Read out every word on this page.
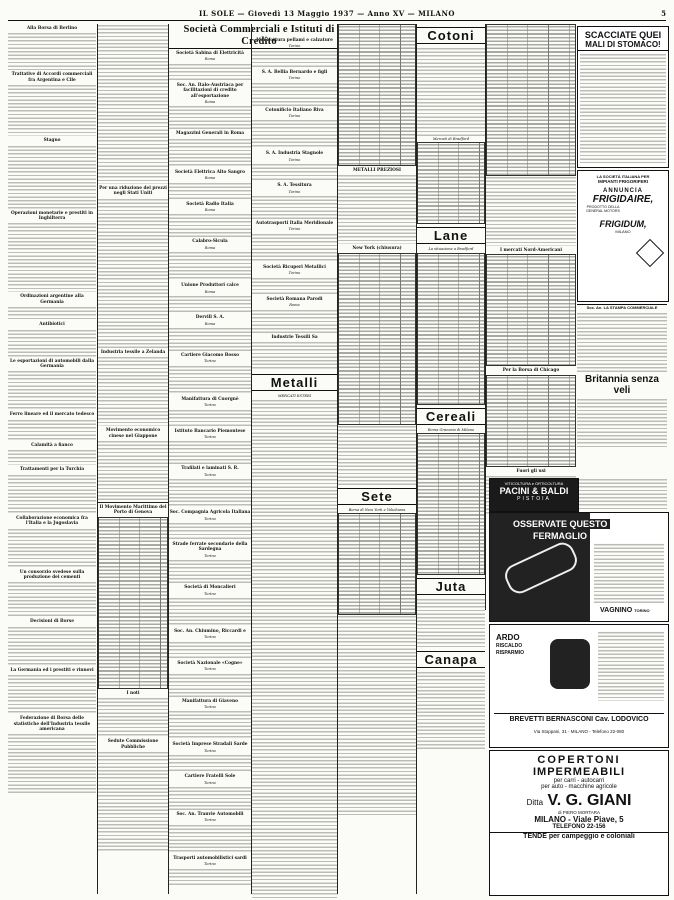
IL SOLE — Giovedì 13 Maggio 1937 — Anno XV — MILANO	5
Alla Borsa di Berlino
Trattative di Accordi commerciali fra Argentina e Cile
Stagno
Operazioni monetarie e prestiti in Inghilterra
Ordinazioni argentine alla Germania
Antibiotici
Le esportazioni di automobili dalla Germania
Ferro lineare ed il mercato tedesco
Calamità a fianco
Trattamenti per la Turchia
Collaborazione economica fra l'Italia e la Jugoslavia
Un consorzio svedese sulla produzione dei cementi
Decisioni di Borse
La Germania ed i prestiti e rinnovi
Federazione di Borsa delle statistiche dell'Industria tessile americana
Per una riduzione dei prezzi negli Stati Uniti
Industria tessile a Zelanda
Movimento economico cinese nel Giappone
Il Movimento Marittimo del Porto di Genova
I noti
Sedute Commissione Pubbliche
Società Commerciali e Istituti di Credito
Società Sabina di Elettricità
Roma
Soc. An. Italo-Austriaca per facilitazioni di credito all'esportazione
Roma
Magazzini Generali in Roma
Società Elettrica Alto Sangro
Roma
Società Radio Italia
Roma
Calabro-Sicula
Roma
Unione Produttori calce
Roma
Dervill S. A.
Roma
Cartiere Giacomo Bosso
Torino
Manifattura di Cuorgnè
Torino
Istituto Bancario Piemontese
Torino
Trafilati e laminati S. R.
Torino
Soc. Compagnia Agricola Italiana
Torino
Strade ferrate secondarie della Sardegna
Torino
Società di Moncalieri
Torino
Soc. An. Chiumino, Riccardi e
Torino
Società Nazionale «Cogne»
Torino
Manifattura di Giaveno
Torino
Società Imprese Stradali Sarde
Torino
Cartiere Fratelli Sole
Torino
Soc. An. Tranvie Automobili
Torino
Trasporti automobilistici sardi
Torino
Manifattura pellami e calzature
Torino
S. A. Bellia Bernardo e figli
Torino
Cotonificio Italiano Riva
Torino
S. A. Industria Stagnole
Torino
S. A. Tessitura
Torino
Autotrasporti Italia Meridionale
Torino
Società Ricuperi Metallici
Torino
Società Romana Parodi
Roma
Industrie Tessili Sa
Metalli
MERCATI ESTERI
METALLI PREZIOSI
New York (chiusura)
Sete
Borsa di New York e Yokohama
Cotoni
Mercati di Bradford
Lane
La situazione a Bradford
Cereali
Borsa Granaria di Milano
Juta
Canapa
I mercati Nord-Americani
Per la Borsa di Chicago
Fuori gli usi
SCACCIATE QUEI
MALI DI STOMACO!
LA SOCIETÀ ITALIANA PER
IMPIANTI FRIGORIFERI
ANNUNCIA
FRIGIDAIRE,
PRODOTTO DELLA GENERAL MOTORS
FRIGIDUM,
MILANO
Soc. An. LA STAMPA COMMERCIALE
Britannia senza veli
VITICOLTURA e ORTICOLTURA
PACINI & BALDI
PISTOIA
OSSERVATE QUESTO
FERMAGLIO
VAGNINO TORINO
ARDO
RISCALDO
RISPARMIO
BREVETTI BERNASCONI Cav. LODOVICO
Via Stoppani, 31 - MILANO - Telefono 22-080
COPERTONI
IMPERMEABILI
per carri - autocarri
per auto - macchine agricole
Ditta V. G. GIANI
di PIERO MORTARA
MILANO - Viale Piave, 5
TELEFONO 22-156
TENDE per campeggio e coloniali
